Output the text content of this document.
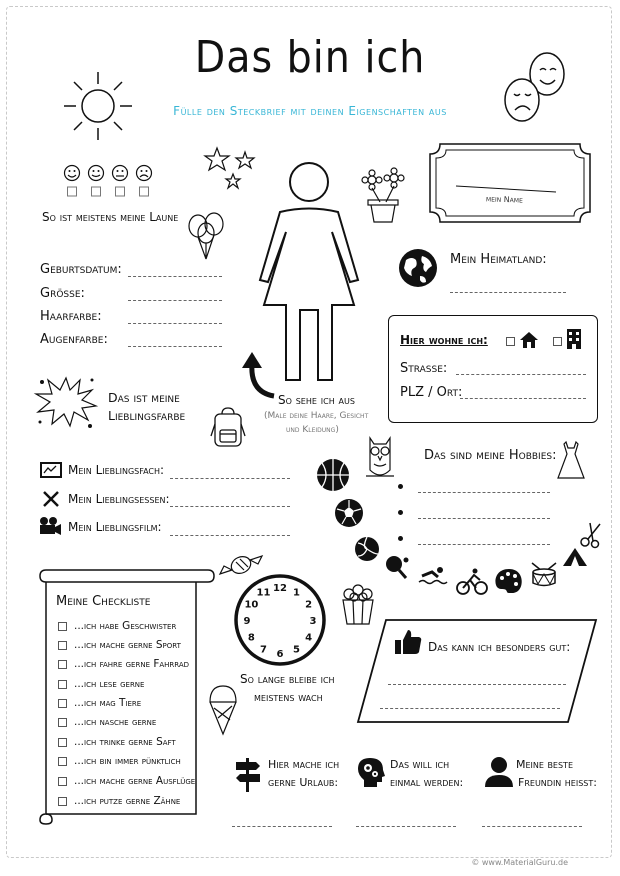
Das bin ich
Fülle den Steckbrief mit deinen Eigenschaften aus
So ist meistens meine Laune
mein Name
Geburtsdatum:
Größe:
Haarfarbe:
Augenfarbe:
Mein Heimatland:
Hier wohne ich:
Straße:
PLZ / Ort:
So sehe ich aus
(Male deine Haare, Gesicht
und Kleidung)
Das ist meine
Lieblingsfarbe
Das sind meine Hobbies:
Mein Lieblingsfach:
Mein Lieblingsessen:
Mein Lieblingsfilm:
Meine Checkliste
...ich habe Geschwister
...ich mache gerne Sport
...ich fahre gerne Fahrrad
...ich lese gerne
...ich mag Tiere
...ich nasche gerne
...ich trinke gerne Saft
...ich bin immer pünktlich
...ich mache gerne Ausflüge
...ich putze gerne Zähne
12 1
2
3
4
5
6
7
8
9
10
11
So lange bleibe ich
meistens wach
Das kann ich besonders gut:
Hier mache ich
gerne Urlaub:
Das will ich
einmal werden:
Meine beste
Freundin heißt:
© www.MaterialGuru.de
